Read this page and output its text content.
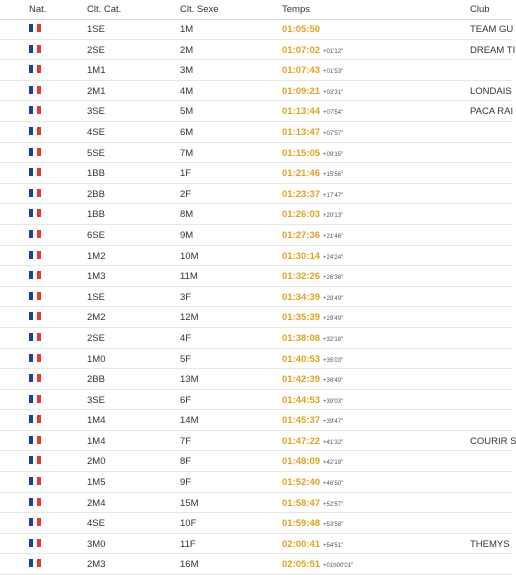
Nat.	Clt. Cat.	Clt. Sexe	Temps	Club
1SE	1M	01:05:50	TEAM GU
2SE	2M	01:07:02 +01'12"	DREAM TI
1M1	3M	01:07:43 +01'53"
2M1	4M	01:09:21 +03'31"	LONDAIS
3SE	5M	01:13:44 +07'54"	PACA RAI
4SE	6M	01:13:47 +07'57"
5SE	7M	01:15:05 +09'15"
1BB	1F	01:21:46 +15'56"
2BB	2F	01:23:37 +17'47"
1BB	8M	01:26:03 +20'13"
6SE	9M	01:27:36 +21'46"
1M2	10M	01:30:14 +24'24"
1M3	11M	01:32:26 +26'36"
1SE	3F	01:34:39 +28'49"
2M2	12M	01:35:39 +29'49"
2SE	4F	01:38:08 +32'18"
1M0	5F	01:40:53 +35'03"
2BB	13M	01:42:39 +36'49"
3SE	6F	01:44:53 +39'03"
1M4	14M	01:45:37 +39'47"
1M4	7F	01:47:22 +41'32"	COURIR S
2M0	8F	01:48:09 +42'19"
1M5	9F	01:52:40 +46'50"
2M4	15M	01:58:47 +52'57"
4SE	10F	01:59:48 +53'58"
3M0	11F	02:00:41 +54'51"	THEMYS
2M3	16M	02:05:51 +01h00'01"
